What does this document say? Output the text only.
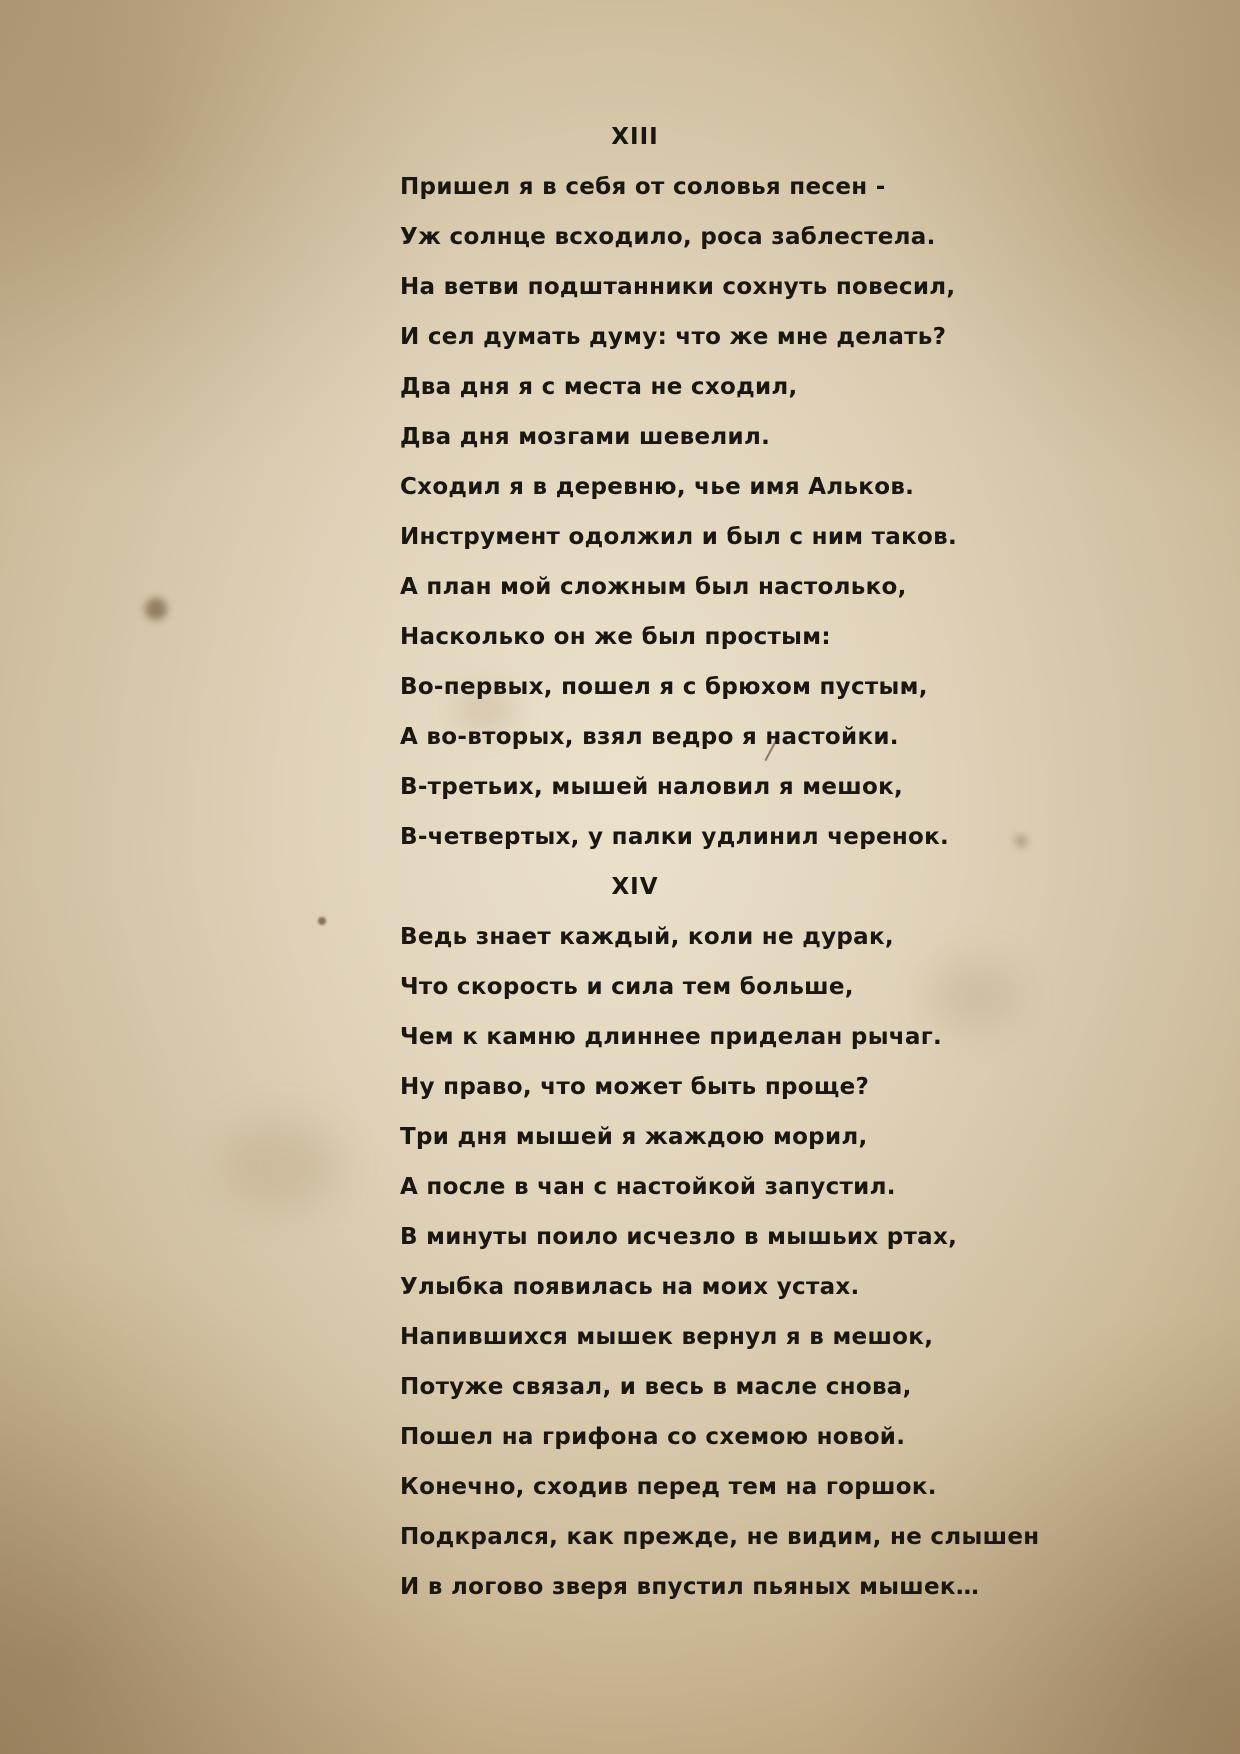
XIII
Пришел я в себя от соловья песен -
Уж солнце всходило, роса заблестела.
На ветви подштанники сохнуть повесил,
И сел думать думу: что же мне делать?
Два дня я с места не сходил,
Два дня мозгами шевелил.
Сходил я в деревню, чье имя Альков.
Инструмент одолжил и был с ним таков.
А план мой сложным был настолько,
Насколько он же был простым:
Во-первых, пошел я с брюхом пустым,
А во-вторых, взял ведро я настойки.
В-третьих, мышей наловил я мешок,
В-четвертых, у палки удлинил черенок.
XIV
Ведь знает каждый, коли не дурак,
Что скорость и сила тем больше,
Чем к камню длиннее приделан рычаг.
Ну право, что может быть проще?
Три дня мышей я жаждою морил,
А после в чан с настойкой запустил.
В минуты поило исчезло в мышьих ртах,
Улыбка появилась на моих устах.
Напившихся мышек вернул я в мешок,
Потуже связал, и весь в масле снова,
Пошел на грифона со схемою новой.
Конечно, сходив перед тем на горшок.
Подкрался, как прежде, не видим, не слышен
И в логово зверя впустил пьяных мышек…
